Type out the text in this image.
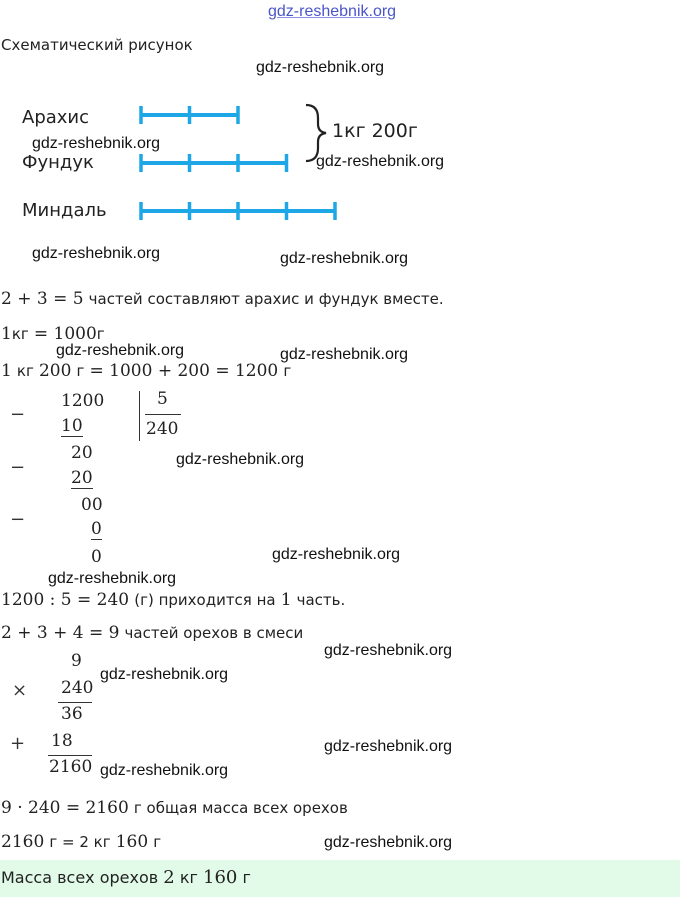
gdz-reshebnik.org
Схематический рисунок
gdz-reshebnik.org
Арахис
gdz-reshebnik.org
Фундук
Миндаль
1кг 200г
gdz-reshebnik.org
gdz-reshebnik.org	gdz-reshebnik.org
2 + 3 = 5 частей составляют арахис и фундук вместе.
1кг = 1000г
gdz-reshebnik.org	gdz-reshebnik.org
1 кг 200 г = 1000 + 200 = 1200 г
−
1200	5
240
10
−
20
20
−
00
0
0
gdz-reshebnik.org
gdz-reshebnik.org
gdz-reshebnik.org
1200 : 5 = 240 (г) приходится на 1 часть.
2 + 3 + 4 = 9 частей орехов в смеси
gdz-reshebnik.org
9
× 240
36
+ 18
2160
gdz-reshebnik.org
gdz-reshebnik.org
gdz-reshebnik.org
9 · 240 = 2160 г общая масса всех орехов
2160 г = 2 кг 160 г	gdz-reshebnik.org
Масса всех орехов 2 кг 160 г
